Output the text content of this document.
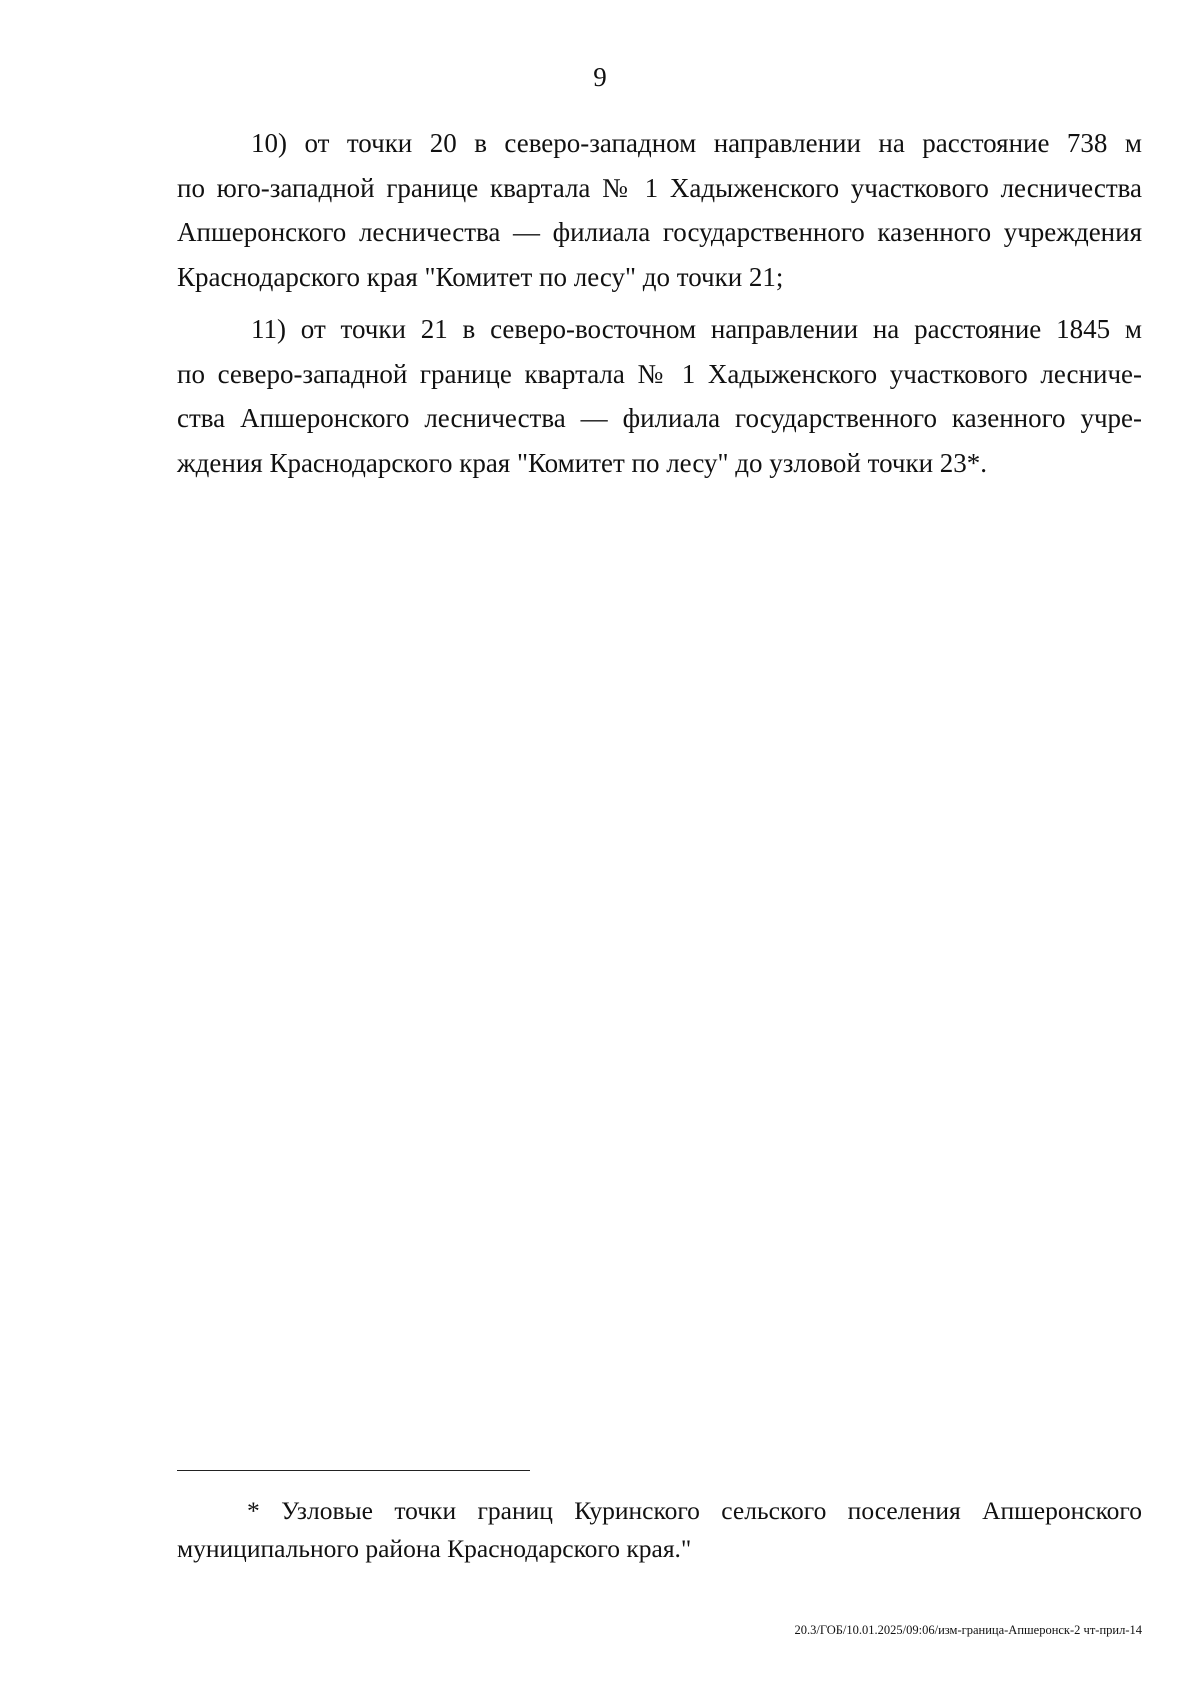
9

10) от точки 20 в северо-западном направлении на расстояние 738 м
по юго-западной границе квартала № 1 Хадыженского участкового лесничества
Апшеронского лесничества — филиала государственного казенного учреждения
Краснодарского края "Комитет по лесу" до точки 21;

11) от точки 21 в северо-восточном направлении на расстояние 1845 м
по северо-западной границе квартала № 1 Хадыженского участкового лесниче-
ства Апшеронского лесничества — филиала государственного казенного учре-
ждения Краснодарского края "Комитет по лесу" до узловой точки 23*.

* Узловые точки границ Куринского сельского поселения Апшеронского
муниципального района Краснодарского края."
20.3/ГОБ/10.01.2025/09:06/изм-граница-Апшеронск-2 чт-прил-14
